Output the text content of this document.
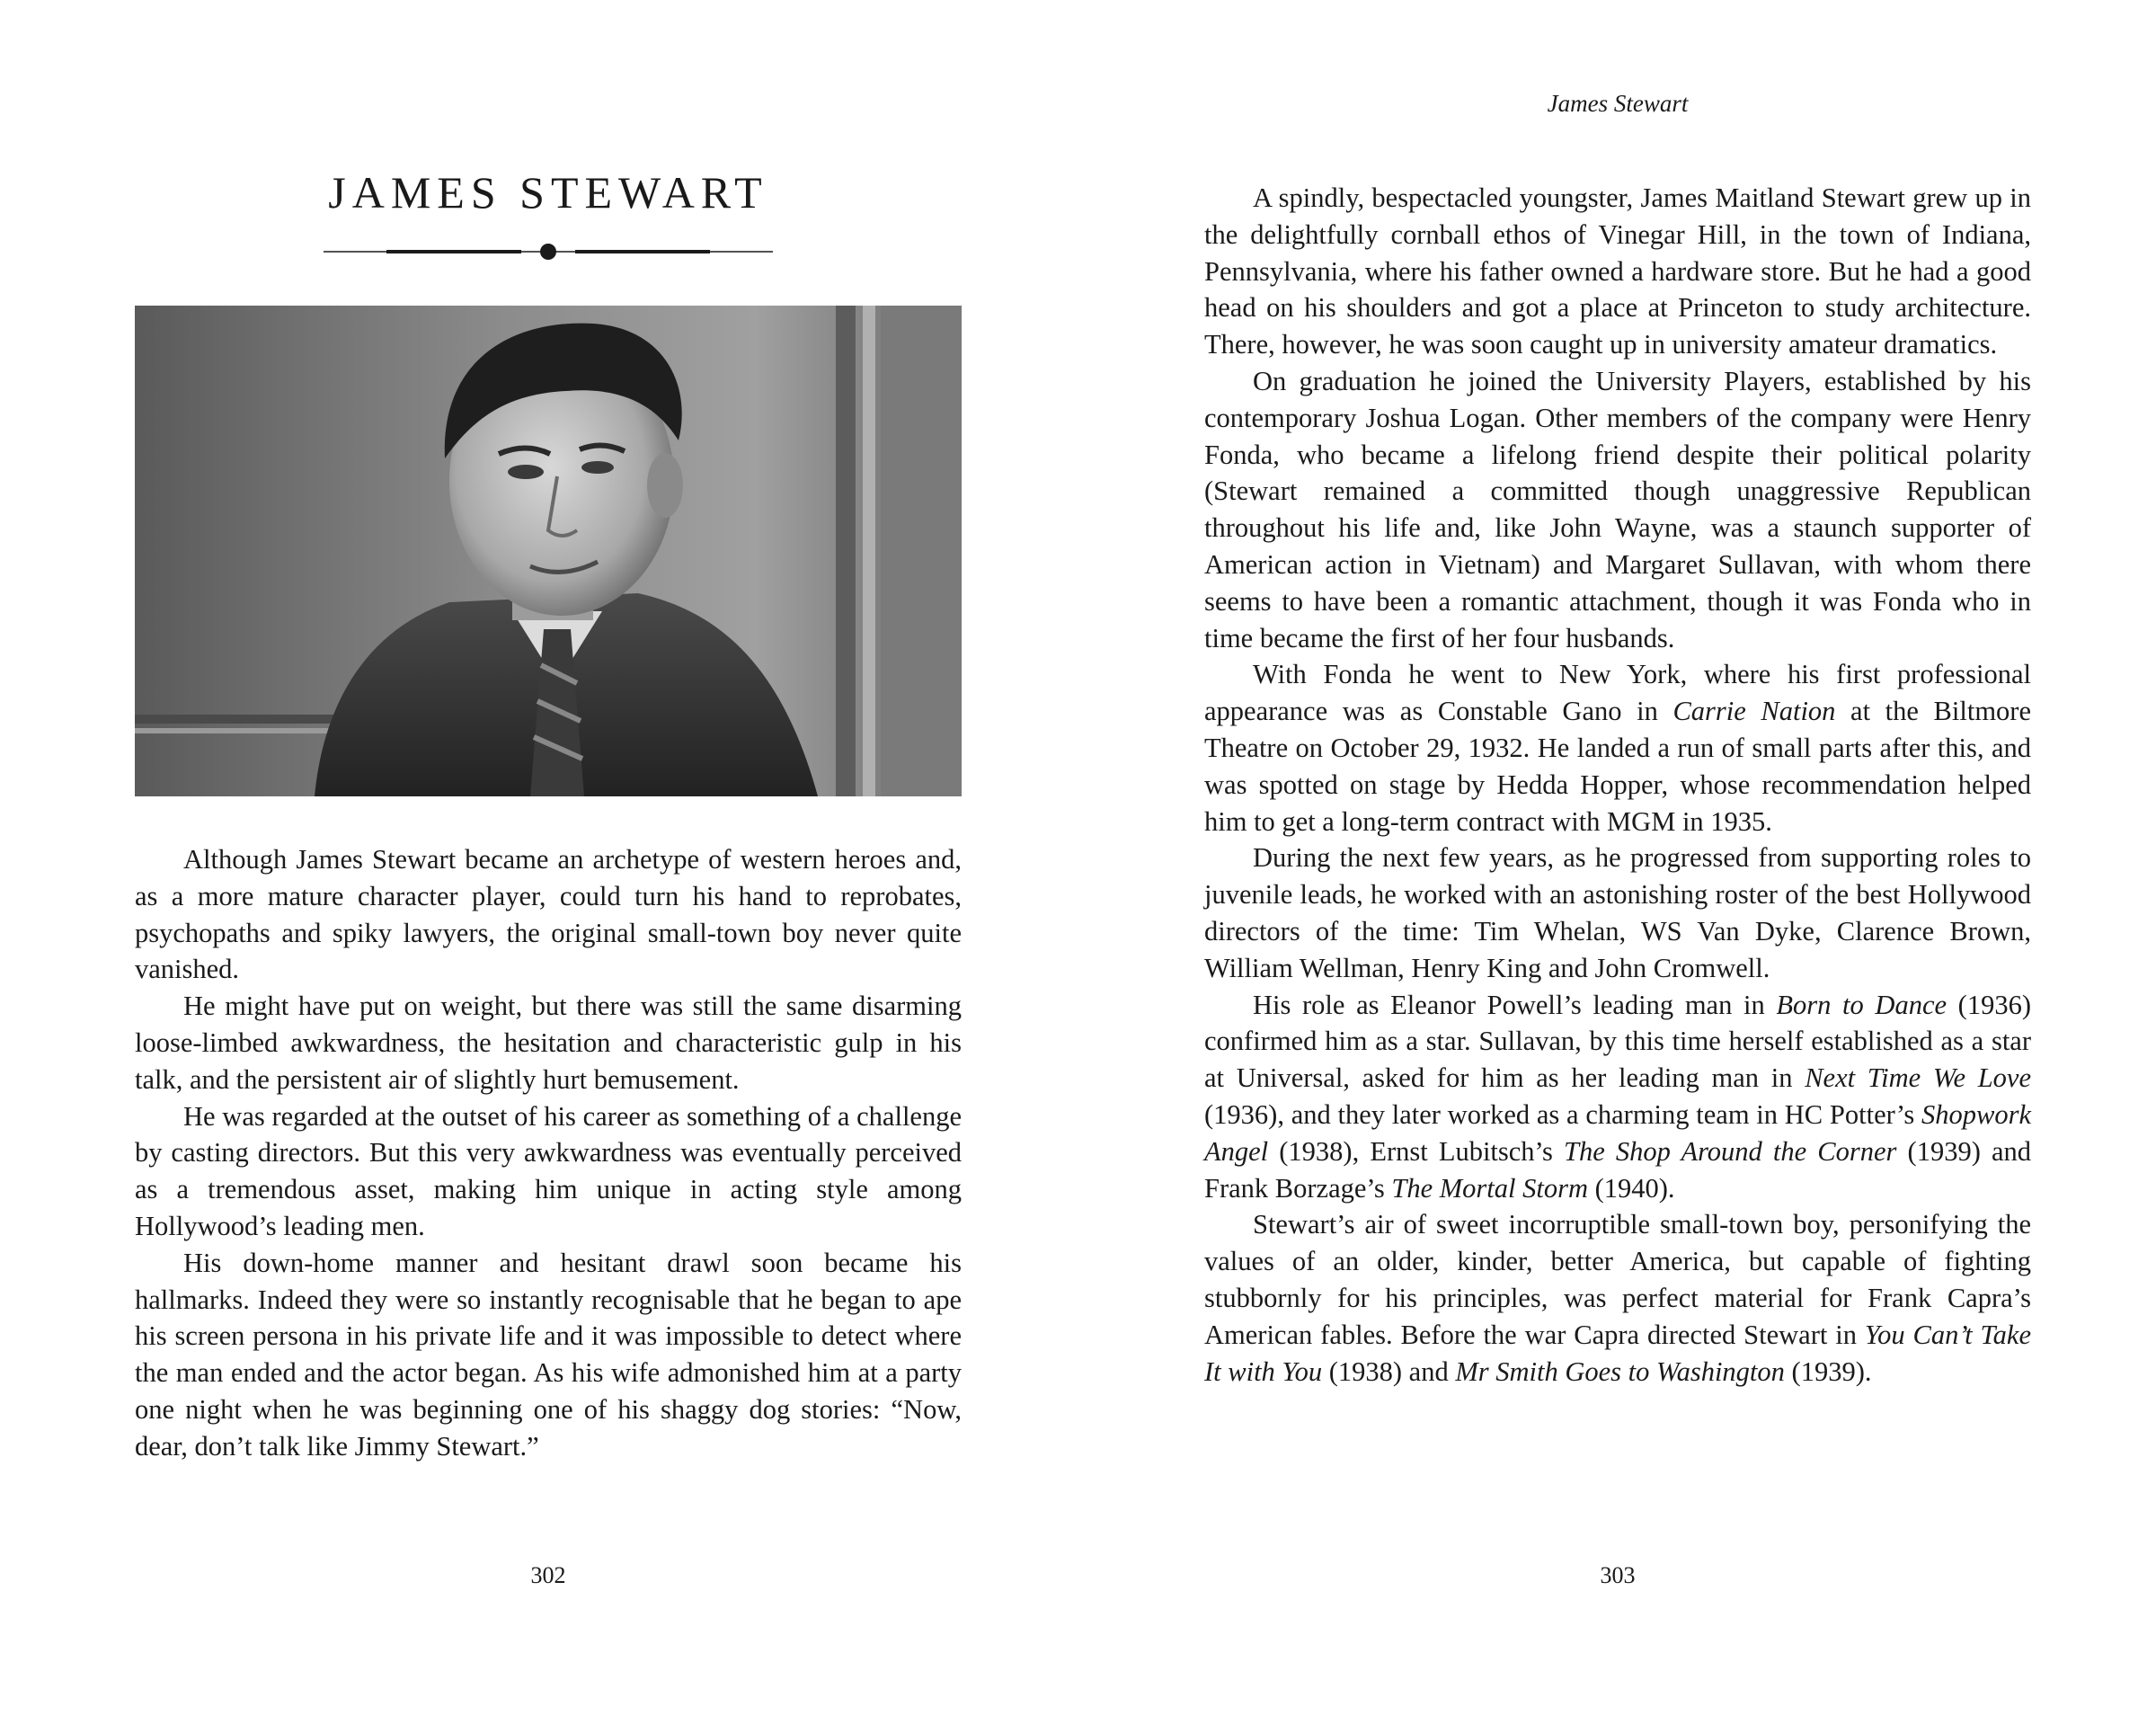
JAMES STEWART

Although James Stewart became an archetype of western heroes and, as a more mature character player, could turn his hand to reprobates, psychopaths and spiky lawyers, the original small-town boy never quite vanished.

He might have put on weight, but there was still the same disarming loose-limbed awkwardness, the hesitation and characteristic gulp in his talk, and the persistent air of slightly hurt bemusement.

He was regarded at the outset of his career as something of a challenge by casting directors. But this very awkwardness was eventually perceived as a tremendous asset, making him unique in acting style among Hollywood’s leading men.

His down-home manner and hesitant drawl soon became his hallmarks. Indeed they were so instantly recognisable that he began to ape his screen persona in his private life and it was impossible to detect where the man ended and the actor began. As his wife admonished him at a party one night when he was beginning one of his shaggy dog stories: “Now, dear, don’t talk like Jimmy Stewart.”

302
James Stewart

A spindly, bespectacled youngster, James Maitland Stewart grew up in the delightfully cornball ethos of Vinegar Hill, in the town of Indiana, Pennsylvania, where his father owned a hardware store. But he had a good head on his shoulders and got a place at Princeton to study architecture. There, however, he was soon caught up in university amateur dramatics.

On graduation he joined the University Players, established by his contemporary Joshua Logan. Other members of the company were Henry Fonda, who became a lifelong friend despite their political polarity (Stewart remained a committed though unaggressive Republican throughout his life and, like John Wayne, was a staunch supporter of American action in Vietnam) and Margaret Sullavan, with whom there seems to have been a romantic attachment, though it was Fonda who in time became the first of her four husbands.

With Fonda he went to New York, where his first professional appearance was as Constable Gano in Carrie Nation at the Biltmore Theatre on October 29, 1932. He landed a run of small parts after this, and was spotted on stage by Hedda Hopper, whose recommendation helped him to get a long-term contract with MGM in 1935.

During the next few years, as he progressed from supporting roles to juvenile leads, he worked with an astonishing roster of the best Hollywood directors of the time: Tim Whelan, WS Van Dyke, Clarence Brown, William Wellman, Henry King and John Cromwell.

His role as Eleanor Powell’s leading man in Born to Dance (1936) confirmed him as a star. Sullavan, by this time herself established as a star at Universal, asked for him as her leading man in Next Time We Love (1936), and they later worked as a charming team in HC Potter’s Shopwork Angel (1938), Ernst Lubitsch’s The Shop Around the Corner (1939) and Frank Borzage’s The Mortal Storm (1940).

Stewart’s air of sweet incorruptible small-town boy, personifying the values of an older, kinder, better America, but capable of fighting stubbornly for his principles, was perfect material for Frank Capra’s American fables. Before the war Capra directed Stewart in You Can’t Take It with You (1938) and Mr Smith Goes to Washington (1939).

303
